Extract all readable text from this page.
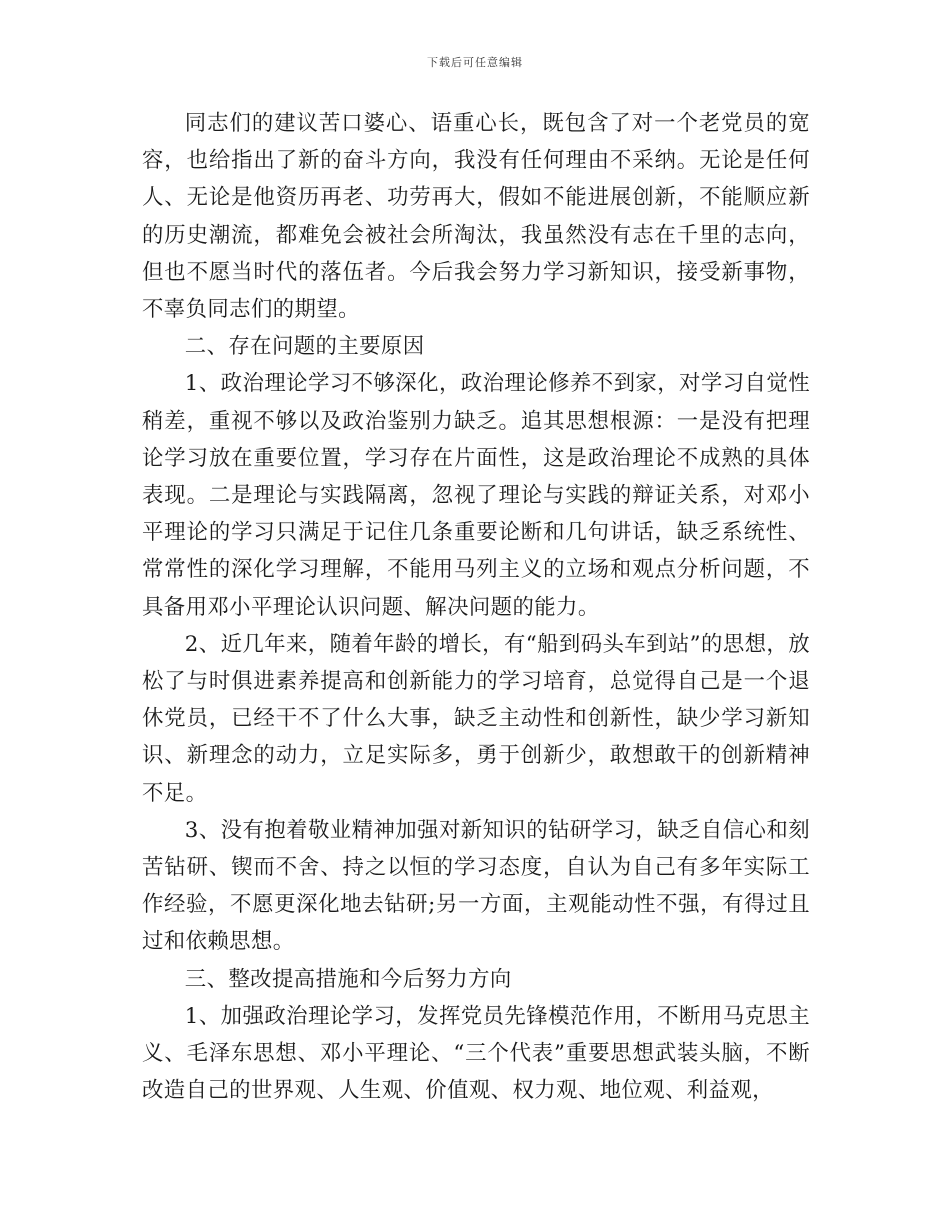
下载后可任意编辑

同志们的建议苦口婆心、语重心长，既包含了对一个老党员的宽容，也给指出了新的奋斗方向，我没有任何理由不采纳。无论是任何人、无论是他资历再老、功劳再大，假如不能进展创新，不能顺应新的历史潮流，都难免会被社会所淘汰，我虽然没有志在千里的志向，但也不愿当时代的落伍者。今后我会努力学习新知识，接受新事物，不辜负同志们的期望。

二、存在问题的主要原因

1、政治理论学习不够深化，政治理论修养不到家，对学习自觉性稍差，重视不够以及政治鉴别力缺乏。追其思想根源：一是没有把理论学习放在重要位置，学习存在片面性，这是政治理论不成熟的具体表现。二是理论与实践隔离，忽视了理论与实践的辩证关系，对邓小平理论的学习只满足于记住几条重要论断和几句讲话，缺乏系统性、常常性的深化学习理解，不能用马列主义的立场和观点分析问题，不具备用邓小平理论认识问题、解决问题的能力。

2、近几年来，随着年龄的增长，有“船到码头车到站”的思想，放松了与时俱进素养提高和创新能力的学习培育，总觉得自己是一个退休党员，已经干不了什么大事，缺乏主动性和创新性，缺少学习新知识、新理念的动力，立足实际多，勇于创新少，敢想敢干的创新精神不足。

3、没有抱着敬业精神加强对新知识的钻研学习，缺乏自信心和刻苦钻研、锲而不舍、持之以恒的学习态度，自认为自己有多年实际工作经验，不愿更深化地去钻研;另一方面，主观能动性不强，有得过且过和依赖思想。

三、整改提高措施和今后努力方向

1、加强政治理论学习，发挥党员先锋模范作用，不断用马克思主义、毛泽东思想、邓小平理论、“三个代表”重要思想武装头脑，不断改造自己的世界观、人生观、价值观、权力观、地位观、利益观，
